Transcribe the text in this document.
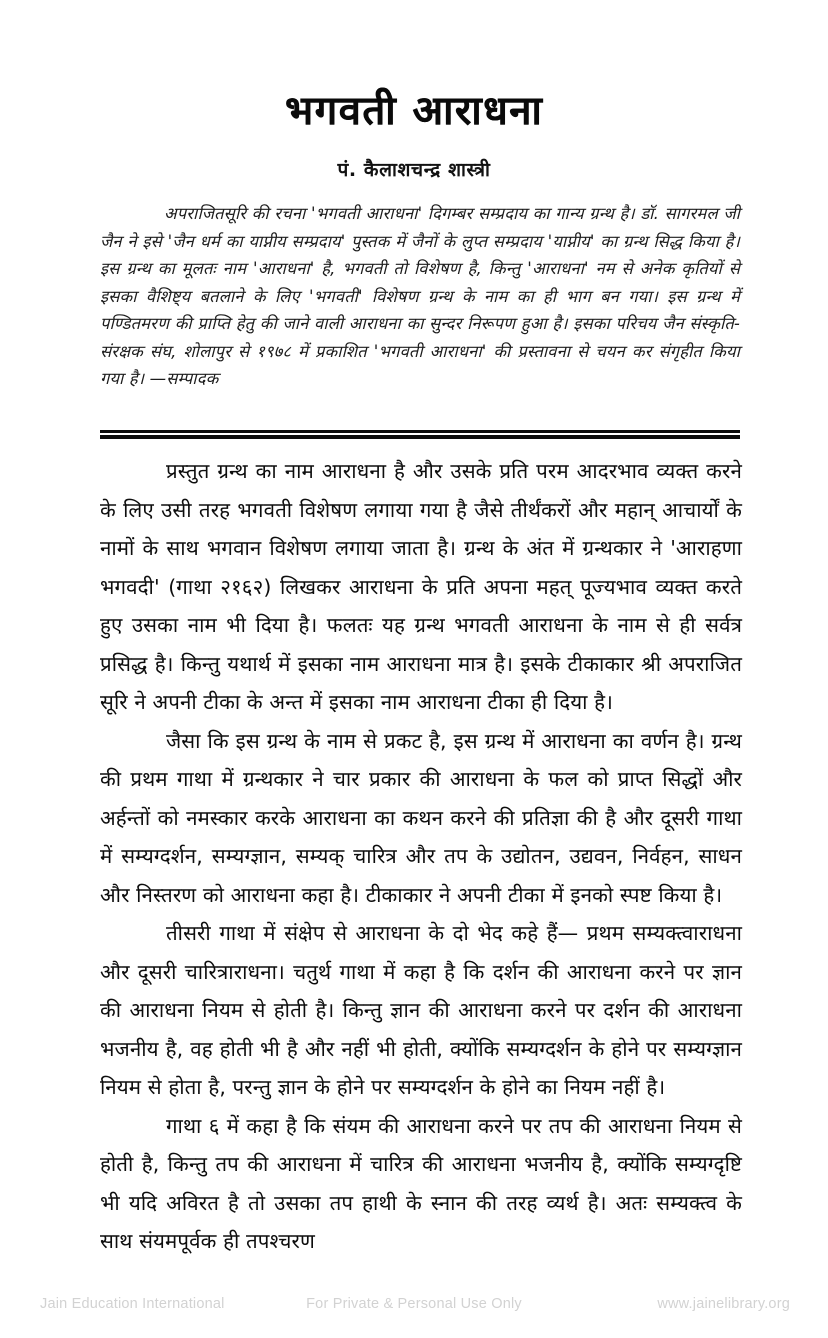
भगवती आराधना
पं. कैलाशचन्द्र शास्त्री
अपराजितसूरि की रचना 'भगवती आराधना' दिगम्बर सम्प्रदाय का गान्य ग्रन्थ है। डॉ. सागरमल जी जैन ने इसे 'जैन धर्म का याप्नीय सम्प्रदाय' पुस्तक में जैनों के लुप्त सम्प्रदाय 'याप्नीय' का ग्रन्थ सिद्ध किया है। इस ग्रन्थ का मूलतः नाम 'आराधना' है, भगवती तो विशेषण है, किन्तु 'आराधना' नम से अनेक कृतियों से इसका वैशिष्ट्य बतलाने के लिए 'भगवती' विशेषण ग्रन्थ के नाम का ही भाग बन गया। इस ग्रन्थ में पण्डितमरण की प्राप्ति हेतु की जाने वाली आराधना का सुन्दर निरूपण हुआ है। इसका परिचय जैन संस्कृति-संरक्षक संघ, शोलापुर से १९७८ में प्रकाशित 'भगवती आराधना' की प्रस्तावना से चयन कर संगृहीत किया गया है। —सम्पादक

प्रस्तुत ग्रन्थ का नाम आराधना है और उसके प्रति परम आदरभाव व्यक्त करने के लिए उसी तरह भगवती विशेषण लगाया गया है जैसे तीर्थंकरों और महान् आचार्यों के नामों के साथ भगवान विशेषण लगाया जाता है। ग्रन्थ के अंत में ग्रन्थकार ने 'आराहणा भगवदी' (गाथा २१६२) लिखकर आराधना के प्रति अपना महत् पूज्यभाव व्यक्त करते हुए उसका नाम भी दिया है। फलतः यह ग्रन्थ भगवती आराधना के नाम से ही सर्वत्र प्रसिद्ध है। किन्तु यथार्थ में इसका नाम आराधना मात्र है। इसके टीकाकार श्री अपराजित सूरि ने अपनी टीका के अन्त में इसका नाम आराधना टीका ही दिया है।

जैसा कि इस ग्रन्थ के नाम से प्रकट है, इस ग्रन्थ में आराधना का वर्णन है। ग्रन्थ की प्रथम गाथा में ग्रन्थकार ने चार प्रकार की आराधना के फल को प्राप्त सिद्धों और अर्हन्तों को नमस्कार करके आराधना का कथन करने की प्रतिज्ञा की है और दूसरी गाथा में सम्यग्दर्शन, सम्यग्ज्ञान, सम्यक् चारित्र और तप के उद्योतन, उद्यवन, निर्वहन, साधन और निस्तरण को आराधना कहा है। टीकाकार ने अपनी टीका में इनको स्पष्ट किया है।

तीसरी गाथा में संक्षेप से आराधना के दो भेद कहे हैं— प्रथम सम्यक्त्वाराधना और दूसरी चारित्राराधना। चतुर्थ गाथा में कहा है कि दर्शन की आराधना करने पर ज्ञान की आराधना नियम से होती है। किन्तु ज्ञान की आराधना करने पर दर्शन की आराधना भजनीय है, वह होती भी है और नहीं भी होती, क्योंकि सम्यग्दर्शन के होने पर सम्यग्ज्ञान नियम से होता है, परन्तु ज्ञान के होने पर सम्यग्दर्शन के होने का नियम नहीं है।

गाथा ६ में कहा है कि संयम की आराधना करने पर तप की आराधना नियम से होती है, किन्तु तप की आराधना में चारित्र की आराधना भजनीय है, क्योंकि सम्यग्दृष्टि भी यदि अविरत है तो उसका तप हाथी के स्नान की तरह व्यर्थ है। अतः सम्यक्त्व के साथ संयमपूर्वक ही तपश्चरण

Jain Education International	For Private & Personal Use Only	www.jainelibrary.org
